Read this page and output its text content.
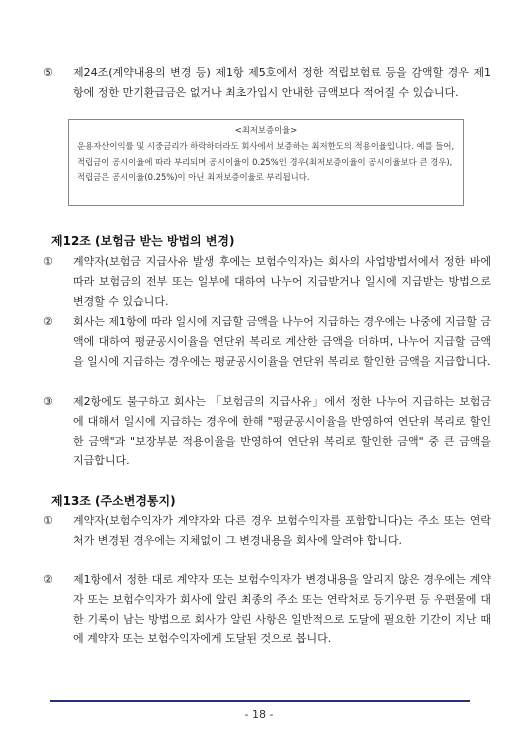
⑤ 제24조(계약내용의 변경 등) 제1항 제5호에서 정한 적립보험료 등을 감액할 경우 제1항에 정한 만기환급금은 없거나 최초가입시 안내한 금액보다 적어질 수 있습니다.
<최저보증이율>
운용자산이익률 및 시중금리가 하락하더라도 회사에서 보증하는 최저한도의 적용이율입니다. 예를 들어, 적립금이 공시이율에 따라 부리되며 공시이율이 0.25%인 경우(최저보증이율이 공시이율보다 큰 경우), 적립금은 공시이율(0.25%)이 아닌 최저보증이율로 부리됩니다.
제12조 (보험금 받는 방법의 변경)
① 계약자(보험금 지급사유 발생 후에는 보험수익자)는 회사의 사업방법서에서 정한 바에 따라 보험금의 전부 또는 일부에 대하여 나누어 지급받거나 일시에 지급받는 방법으로 변경할 수 있습니다.
② 회사는 제1항에 따라 일시에 지급할 금액을 나누어 지급하는 경우에는 나중에 지급할 금액에 대하여 평균공시이율을 연단위 복리로 계산한 금액을 더하며, 나누어 지급할 금액을 일시에 지급하는 경우에는 평균공시이율을 연단위 복리로 할인한 금액을 지급합니다.
③ 제2항에도 불구하고 회사는 「보험금의 지급사유」에서 정한 나누어 지급하는 보험금에 대해서 일시에 지급하는 경우에 한해 "평균공시이율을 반영하여 연단위 복리로 할인한 금액"과 "보장부분 적용이율을 반영하여 연단위 복리로 할인한 금액" 중 큰 금액을 지급합니다.
제13조 (주소변경통지)
① 계약자(보험수익자가 계약자와 다른 경우 보험수익자를 포함합니다)는 주소 또는 연락처가 변경된 경우에는 지체없이 그 변경내용을 회사에 알려야 합니다.
② 제1항에서 정한 대로 계약자 또는 보험수익자가 변경내용을 알리지 않은 경우에는 계약자 또는 보험수익자가 회사에 알린 최종의 주소 또는 연락처로 등기우편 등 우편물에 대한 기록이 남는 방법으로 회사가 알린 사항은 일반적으로 도달에 필요한 기간이 지난 때에 계약자 또는 보험수익자에게 도달된 것으로 봅니다.
- 18 -
